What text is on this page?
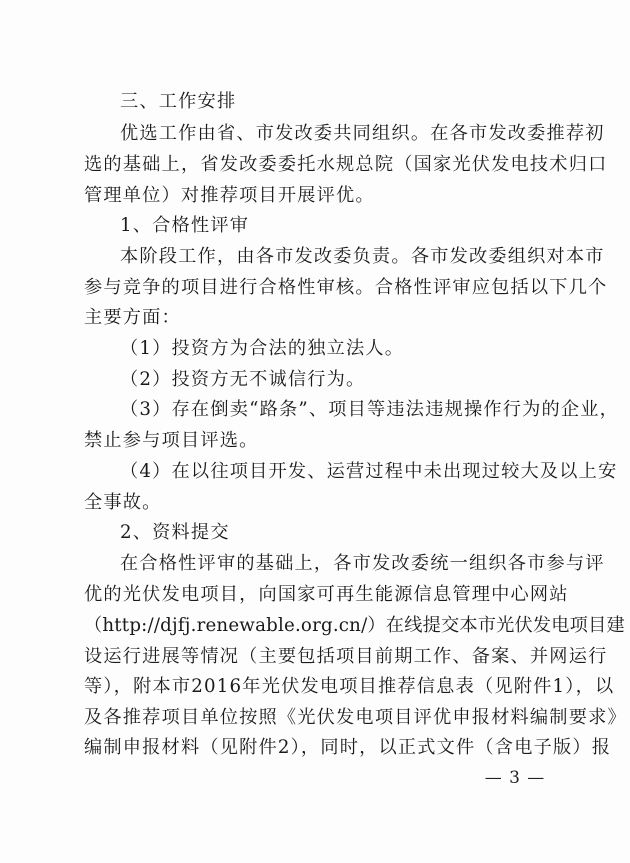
三、工作安排
优选工作由省、市发改委共同组织。在各市发改委推荐初
选的基础上，省发改委委托水规总院（国家光伏发电技术归口
管理单位）对推荐项目开展评优。
1、合格性评审
本阶段工作，由各市发改委负责。各市发改委组织对本市
参与竞争的项目进行合格性审核。合格性评审应包括以下几个
主要方面：
（1）投资方为合法的独立法人。
（2）投资方无不诚信行为。
（3）存在倒卖“路条”、项目等违法违规操作行为的企业，
禁止参与项目评选。
（4）在以往项目开发、运营过程中未出现过较大及以上安
全事故。
2、资料提交
在合格性评审的基础上，各市发改委统一组织各市参与评
优的光伏发电项目，向国家可再生能源信息管理中心网站
（http://djfj.renewable.org.cn/）在线提交本市光伏发电项目建
设运行进展等情况（主要包括项目前期工作、备案、并网运行
等），附本市2016年光伏发电项目推荐信息表（见附件1），以
及各推荐项目单位按照《光伏发电项目评优申报材料编制要求》
编制申报材料（见附件2），同时，以正式文件（含电子版）报
— 3 —
